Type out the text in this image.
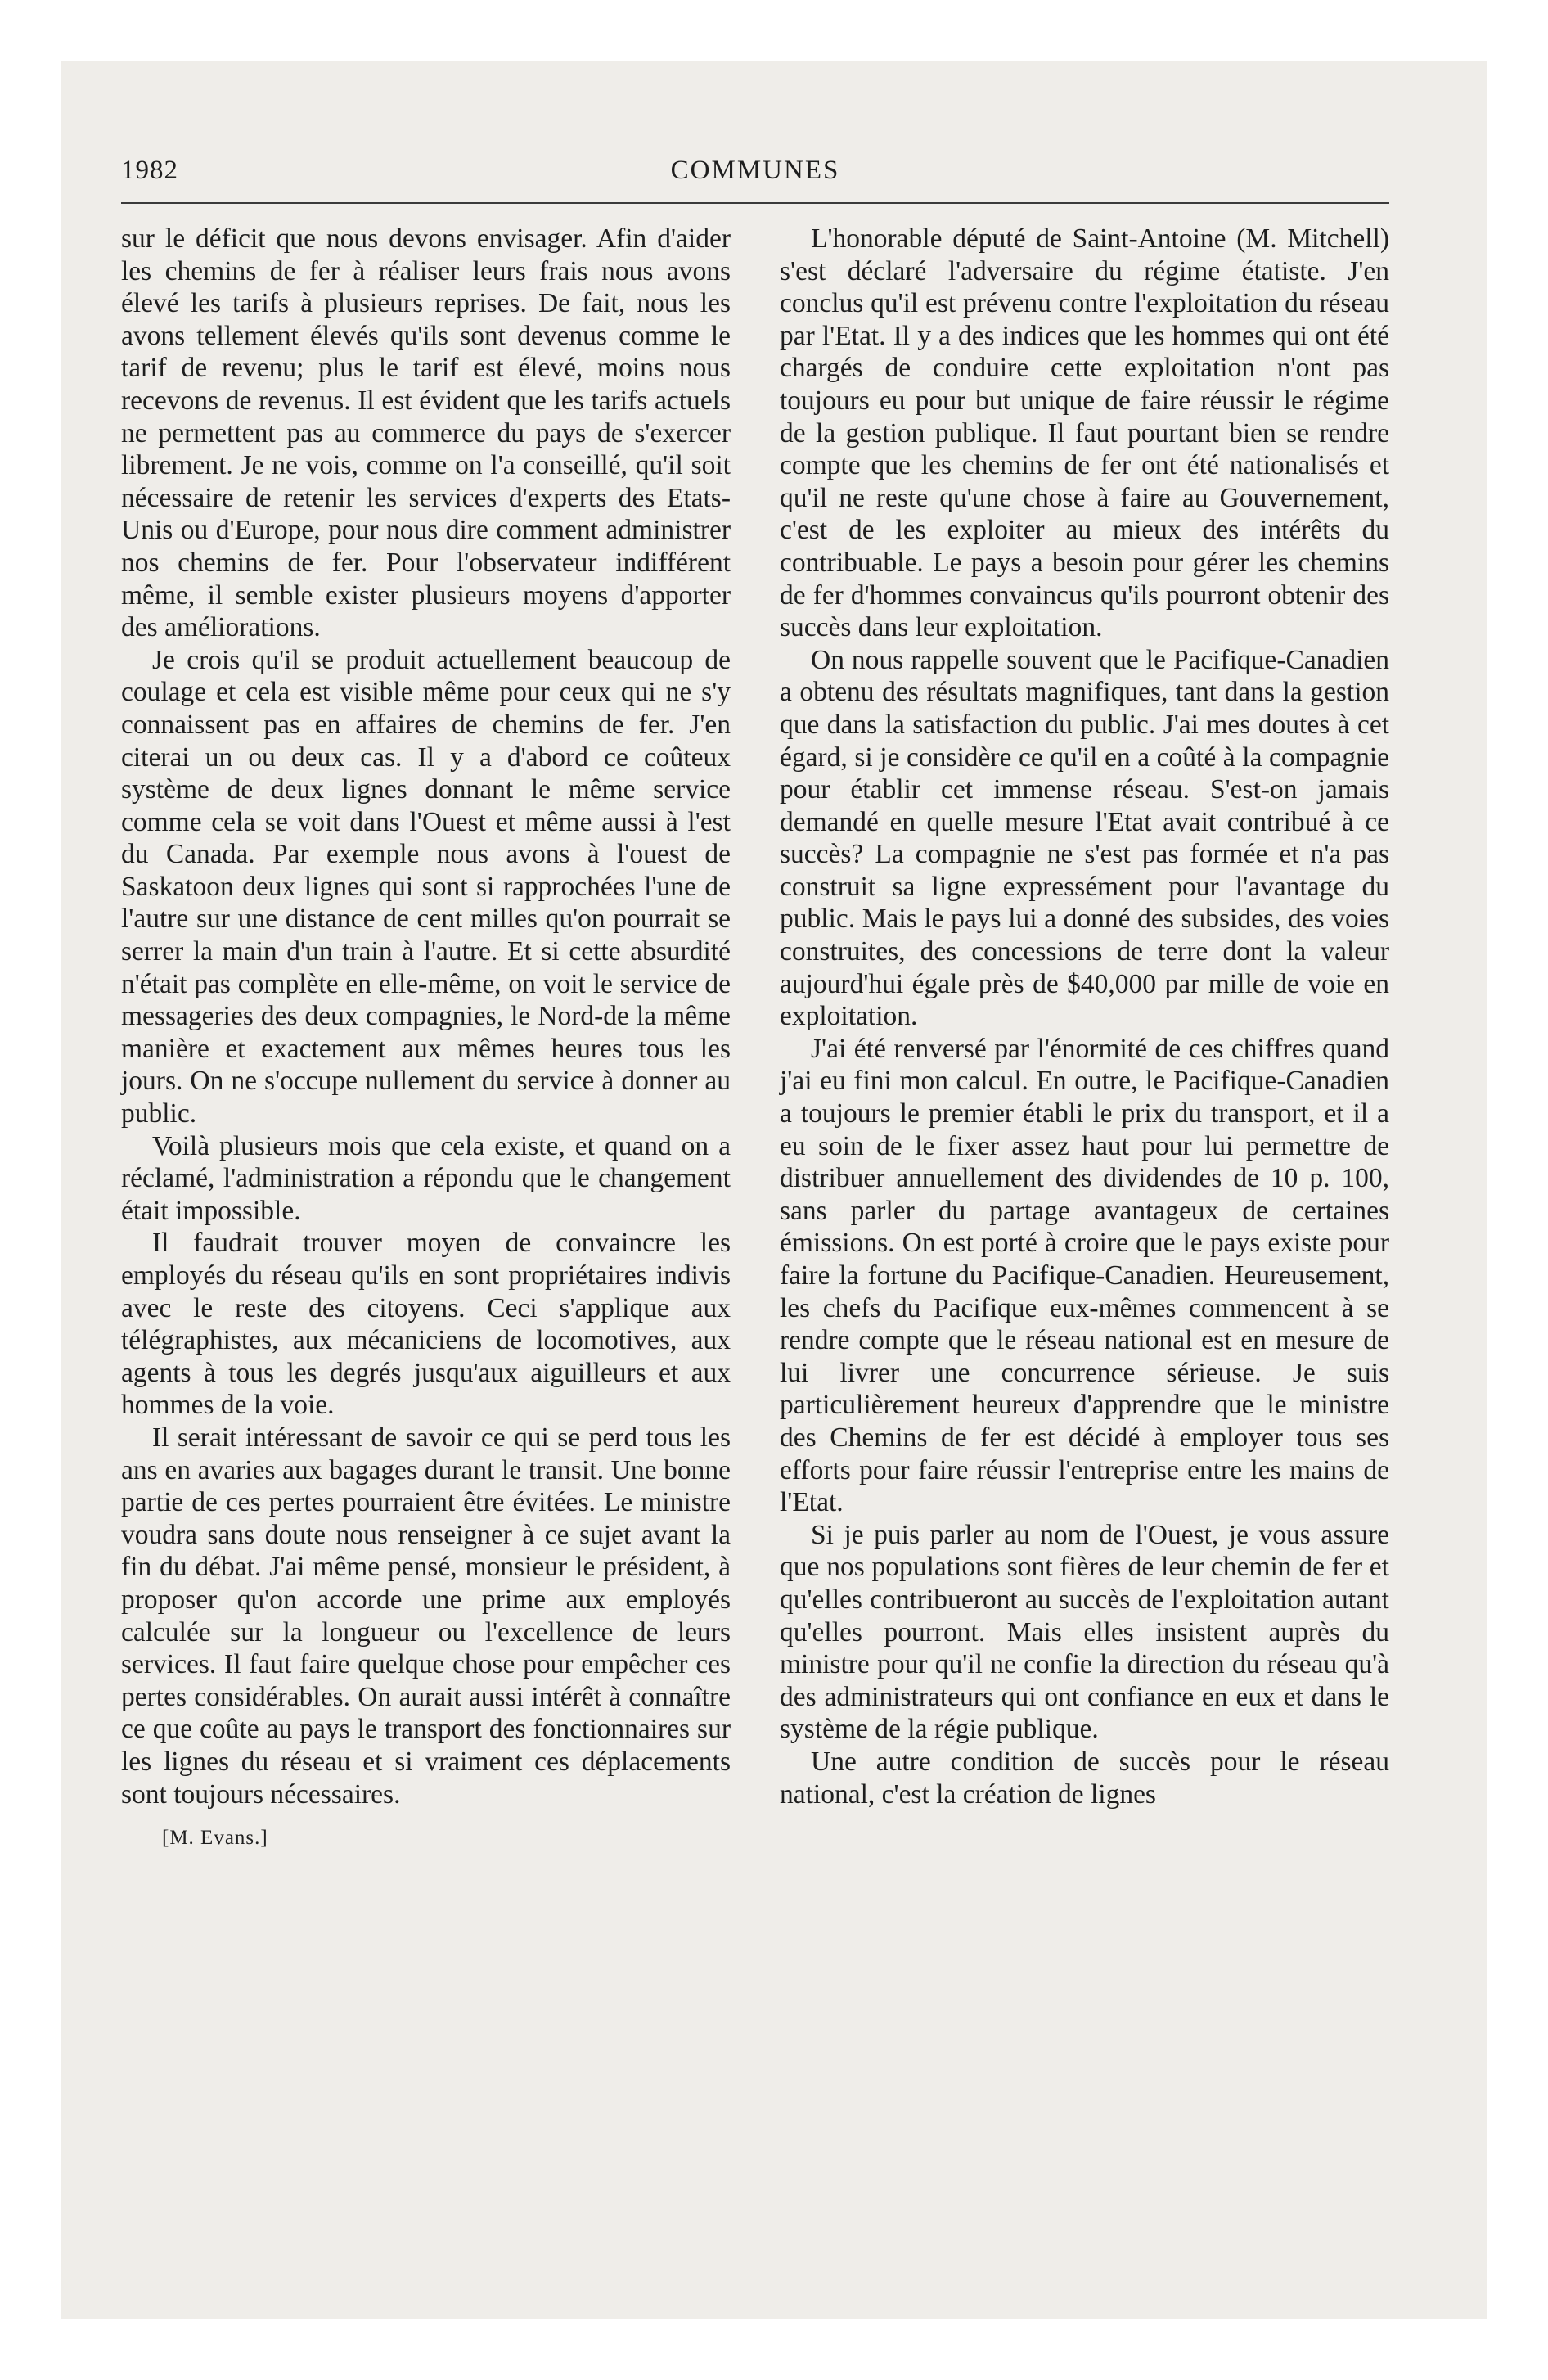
1982	COMMUNES

sur le déficit que nous devons envisager. Afin d'aider les chemins de fer à réaliser leurs frais nous avons élevé les tarifs à plusieurs reprises. De fait, nous les avons tellement élevés qu'ils sont devenus comme le tarif de revenu; plus le tarif est élevé, moins nous recevons de revenus. Il est évident que les tarifs actuels ne permettent pas au commerce du pays de s'exercer librement. Je ne vois, comme on l'a conseillé, qu'il soit nécessaire de retenir les services d'experts des Etats-Unis ou d'Europe, pour nous dire comment administrer nos chemins de fer. Pour l'observateur indifférent même, il semble exister plusieurs moyens d'apporter des améliorations.

Je crois qu'il se produit actuellement beaucoup de coulage et cela est visible même pour ceux qui ne s'y connaissent pas en affaires de chemins de fer. J'en citerai un ou deux cas. Il y a d'abord ce coûteux système de deux lignes donnant le même service comme cela se voit dans l'Ouest et même aussi à l'est du Canada. Par exemple nous avons à l'ouest de Saskatoon deux lignes qui sont si rapprochées l'une de l'autre sur une distance de cent milles qu'on pourrait se serrer la main d'un train à l'autre. Et si cette absurdité n'était pas complète en elle-même, on voit le service de messageries des deux compagnies, le Nord-de la même manière et exactement aux mêmes heures tous les jours. On ne s'occupe nullement du service à donner au public.

Voilà plusieurs mois que cela existe, et quand on a réclamé, l'administration a répondu que le changement était impossible.

Il faudrait trouver moyen de convaincre les employés du réseau qu'ils en sont propriétaires indivis avec le reste des citoyens. Ceci s'applique aux télégraphistes, aux mécaniciens de locomotives, aux agents à tous les degrés jusqu'aux aiguilleurs et aux hommes de la voie.

Il serait intéressant de savoir ce qui se perd tous les ans en avaries aux bagages durant le transit. Une bonne partie de ces pertes pourraient être évitées. Le ministre voudra sans doute nous renseigner à ce sujet avant la fin du débat. J'ai même pensé, monsieur le président, à proposer qu'on accorde une prime aux employés calculée sur la longueur ou l'excellence de leurs services. Il faut faire quelque chose pour empêcher ces pertes considérables. On aurait aussi intérêt à connaître ce que coûte au pays le transport des fonctionnaires sur les lignes du réseau et si vraiment ces déplacements sont toujours nécessaires.

[M. Evans.]

L'honorable député de Saint-Antoine (M. Mitchell) s'est déclaré l'adversaire du régime étatiste. J'en conclus qu'il est prévenu contre l'exploitation du réseau par l'Etat. Il y a des indices que les hommes qui ont été chargés de conduire cette exploitation n'ont pas toujours eu pour but unique de faire réussir le régime de la gestion publique. Il faut pourtant bien se rendre compte que les chemins de fer ont été nationalisés et qu'il ne reste qu'une chose à faire au Gouvernement, c'est de les exploiter au mieux des intérêts du contribuable. Le pays a besoin pour gérer les chemins de fer d'hommes convaincus qu'ils pourront obtenir des succès dans leur exploitation.

On nous rappelle souvent que le Pacifique-Canadien a obtenu des résultats magnifiques, tant dans la gestion que dans la satisfaction du public. J'ai mes doutes à cet égard, si je considère ce qu'il en a coûté à la compagnie pour établir cet immense réseau. S'est-on jamais demandé en quelle mesure l'Etat avait contribué à ce succès? La compagnie ne s'est pas formée et n'a pas construit sa ligne expressément pour l'avantage du public. Mais le pays lui a donné des subsides, des voies construites, des concessions de terre dont la valeur aujourd'hui égale près de $40,000 par mille de voie en exploitation.

J'ai été renversé par l'énormité de ces chiffres quand j'ai eu fini mon calcul. En outre, le Pacifique-Canadien a toujours le premier établi le prix du transport, et il a eu soin de le fixer assez haut pour lui permettre de distribuer annuellement des dividendes de 10 p. 100, sans parler du partage avantageux de certaines émissions. On est porté à croire que le pays existe pour faire la fortune du Pacifique-Canadien. Heureusement, les chefs du Pacifique eux-mêmes commencent à se rendre compte que le réseau national est en mesure de lui livrer une concurrence sérieuse. Je suis particulièrement heureux d'apprendre que le ministre des Chemins de fer est décidé à employer tous ses efforts pour faire réussir l'entreprise entre les mains de l'Etat.

Si je puis parler au nom de l'Ouest, je vous assure que nos populations sont fières de leur chemin de fer et qu'elles contribueront au succès de l'exploitation autant qu'elles pourront. Mais elles insistent auprès du ministre pour qu'il ne confie la direction du réseau qu'à des administrateurs qui ont confiance en eux et dans le système de la régie publique.

Une autre condition de succès pour le réseau national, c'est la création de lignes
